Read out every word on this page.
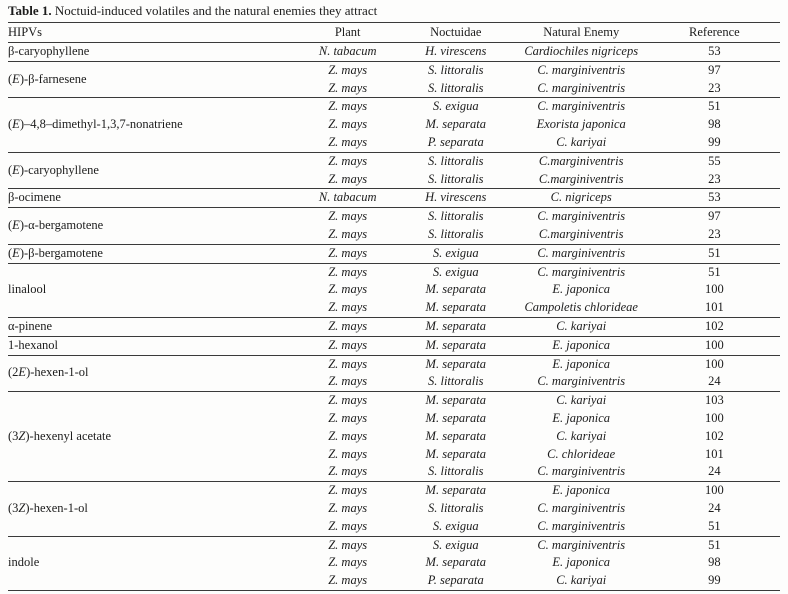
Table 1. Noctuid-induced volatiles and the natural enemies they attract
HIPVs	Plant	Noctuidae	Natural Enemy	Reference
β-caryophyllene	N. tabacum	H. virescens	Cardiochiles nigriceps	53
(E)-β-farnesene
Z. mays	S. littoralis	C. marginiventris	97
Z. mays	S. littoralis	C. marginiventris	23
(E)–4,8–dimethyl-1,3,7-nonatriene
Z. mays	S. exigua	C. marginiventris	51
Z. mays	M. separata	Exorista japonica	98
Z. mays	P. separata	C. kariyai	99
(E)-caryophyllene
Z. mays	S. littoralis	C.marginiventris	55
Z. mays	S. littoralis	C.marginiventris	23
β-ocimene	N. tabacum	H. virescens	C. nigriceps	53
(E)-α-bergamotene
Z. mays	S. littoralis	C. marginiventris	97
Z. mays	S. littoralis	C.marginiventris	23
(E)-β-bergamotene	Z. mays	S. exigua	C. marginiventris	51
linalool
Z. mays	S. exigua	C. marginiventris	51
Z. mays	M. separata	E. japonica	100
Z. mays	M. separata	Campoletis chlorideae	101
α-pinene	Z. mays	M. separata	C. kariyai	102
1-hexanol	Z. mays	M. separata	E. japonica	100
(2E)-hexen-1-ol
Z. mays	M. separata	E. japonica	100
Z. mays	S. littoralis	C. marginiventris	24
(3Z)-hexenyl acetate
Z. mays	M. separata	C. kariyai	103
Z. mays	M. separata	E. japonica	100
Z. mays	M. separata	C. kariyai	102
Z. mays	M. separata	C. chlorideae	101
Z. mays	S. littoralis	C. marginiventris	24
(3Z)-hexen-1-ol
Z. mays	M. separata	E. japonica	100
Z. mays	S. littoralis	C. marginiventris	24
Z. mays	S. exigua	C. marginiventris	51
indole
Z. mays	S. exigua	C. marginiventris	51
Z. mays	M. separata	E. japonica	98
Z. mays	P. separata	C. kariyai	99
